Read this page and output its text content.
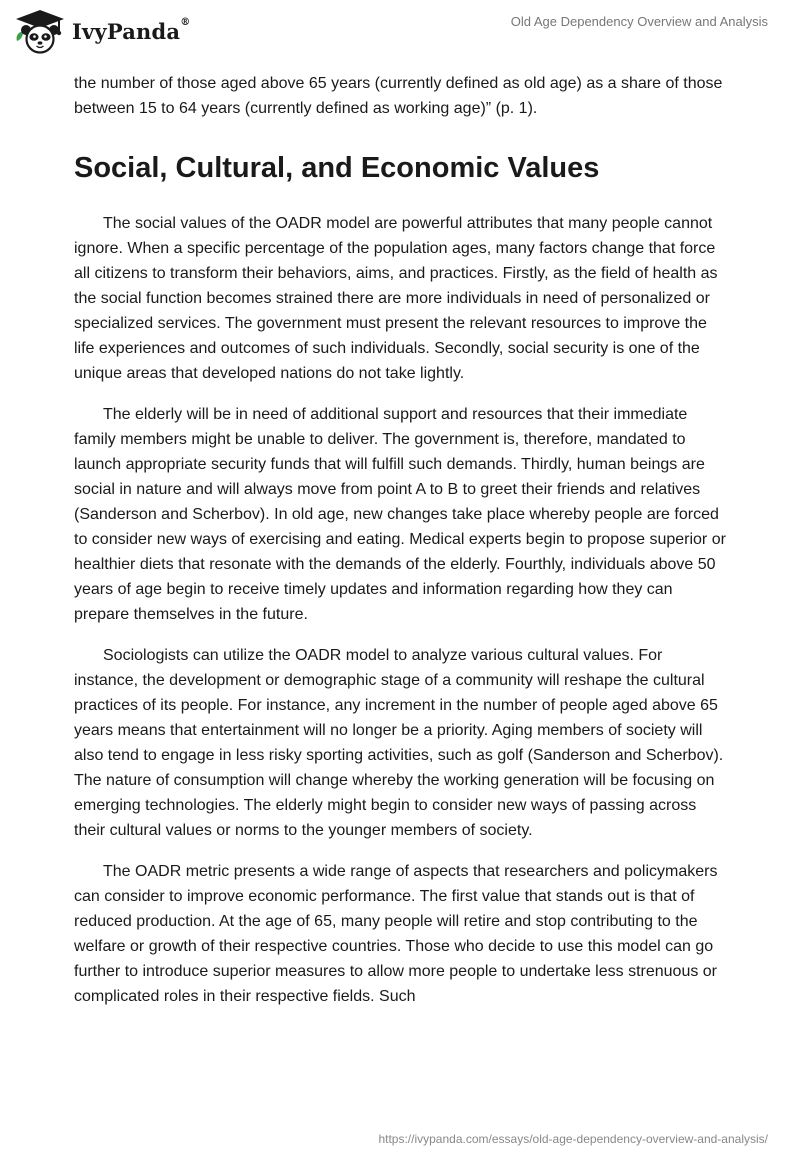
IvyPanda®	Old Age Dependency Overview and Analysis

the number of those aged above 65 years (currently defined as old age) as a share of those between 15 to 64 years (currently defined as working age)” (p. 1).

Social, Cultural, and Economic Values

The social values of the OADR model are powerful attributes that many people cannot ignore. When a specific percentage of the population ages, many factors change that force all citizens to transform their behaviors, aims, and practices. Firstly, as the field of health as the social function becomes strained there are more individuals in need of personalized or specialized services. The government must present the relevant resources to improve the life experiences and outcomes of such individuals. Secondly, social security is one of the unique areas that developed nations do not take lightly.

The elderly will be in need of additional support and resources that their immediate family members might be unable to deliver. The government is, therefore, mandated to launch appropriate security funds that will fulfill such demands. Thirdly, human beings are social in nature and will always move from point A to B to greet their friends and relatives (Sanderson and Scherbov). In old age, new changes take place whereby people are forced to consider new ways of exercising and eating. Medical experts begin to propose superior or healthier diets that resonate with the demands of the elderly. Fourthly, individuals above 50 years of age begin to receive timely updates and information regarding how they can prepare themselves in the future.

Sociologists can utilize the OADR model to analyze various cultural values. For instance, the development or demographic stage of a community will reshape the cultural practices of its people. For instance, any increment in the number of people aged above 65 years means that entertainment will no longer be a priority. Aging members of society will also tend to engage in less risky sporting activities, such as golf (Sanderson and Scherbov). The nature of consumption will change whereby the working generation will be focusing on emerging technologies. The elderly might begin to consider new ways of passing across their cultural values or norms to the younger members of society.

The OADR metric presents a wide range of aspects that researchers and policymakers can consider to improve economic performance. The first value that stands out is that of reduced production. At the age of 65, many people will retire and stop contributing to the welfare or growth of their respective countries. Those who decide to use this model can go further to introduce superior measures to allow more people to undertake less strenuous or complicated roles in their respective fields. Such

https://ivypanda.com/essays/old-age-dependency-overview-and-analysis/
